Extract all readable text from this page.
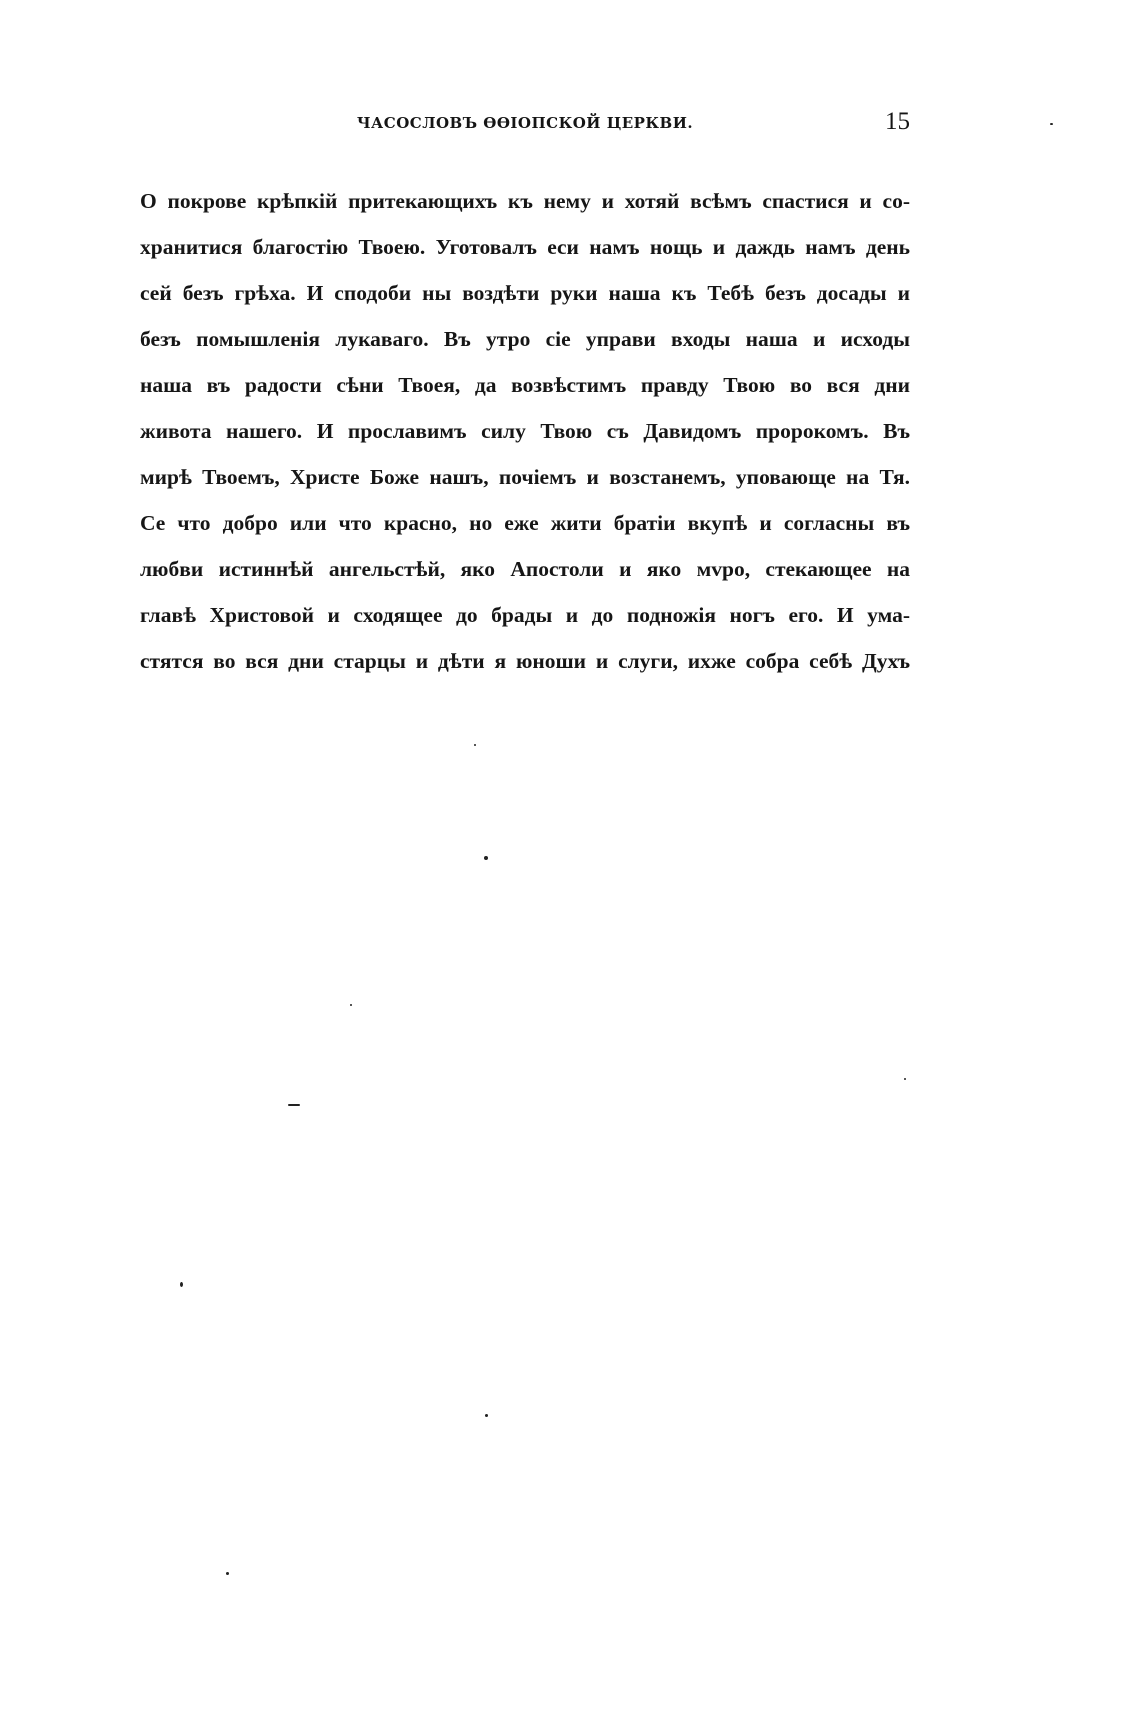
ЧАСОСЛОВЪ ѲѲІОПСКОЙ ЦЕРКВИ.	15
О покрове крѣпкій притекающихъ къ нему и хотяй всѣмъ спастися и со-
хранитися благостію Твоею. Уготовалъ еси намъ нощь и даждь намъ день
сей безъ грѣха. И сподоби ны воздѣти руки наша къ Тебѣ безъ досады и
безъ помышленія лукаваго. Въ утро сіе управи входы наша и исходы
наша въ радости сѣни Твоея, да возвѣстимъ правду Твою во вся дни
живота нашего. И прославимъ силу Твою съ Давидомъ пророкомъ. Въ
мирѣ Твоемъ, Христе Боже нашъ, почіемъ и возстанемъ, уповающе на Тя.
Се что добро или что красно, но еже жити братіи вкупѣ и согласны въ
любви истиннѣй ангельстѣй, яко Апостоли и яко мvро, стекающее на
главѣ Христовой и сходящее до брады и до подножія ногъ его. И ума-
стятся во вся дни старцы и дѣти я юноши и слуги, ихже собра себѣ Духъ
